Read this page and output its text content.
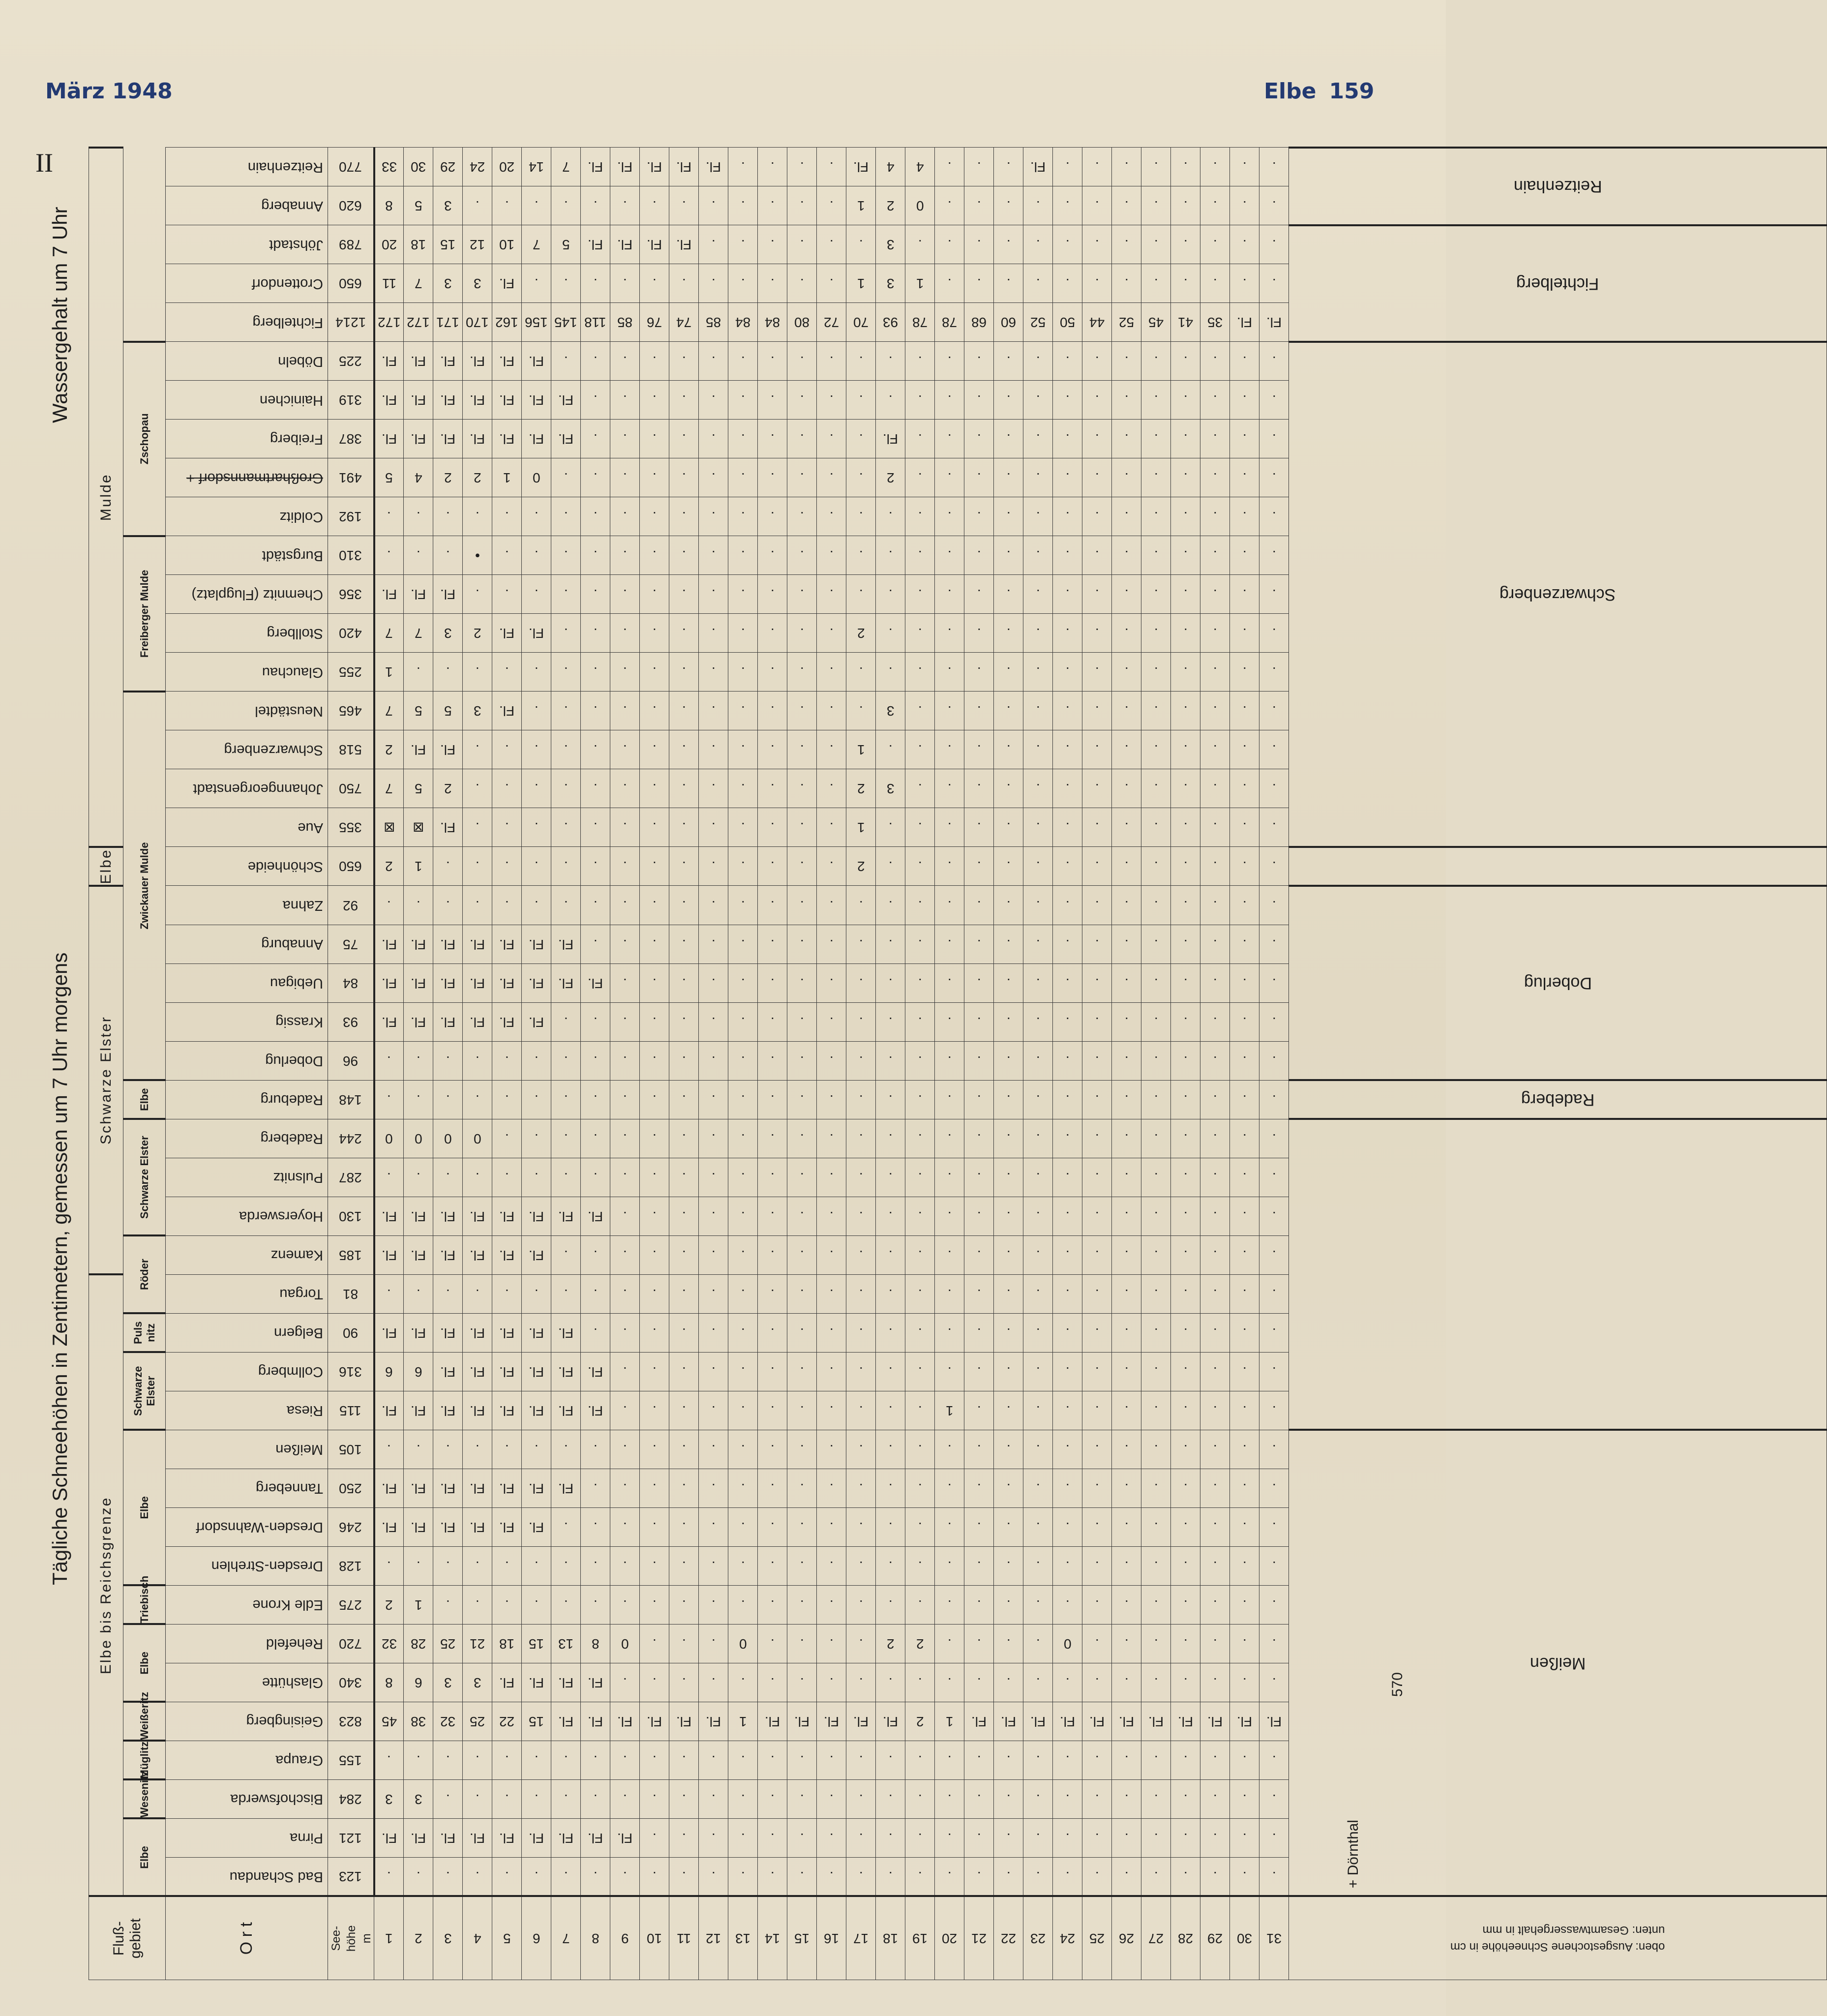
März 1948	Elbe 159
II
Fluß-
gebiet	Elbe bis Reichsgrenze																Schwarze Elster										Elbe	Mulde																	
	Elbe		Wesenitz	Müglitz	Weißeritz	Elbe		Triebisch	Elbe				Schwarze Elster		Puls nitz	Röder		Schwarze Elster			Elbe	Zwickauer Mulde										Freiberger Mulde				Zschopau									
O r t	Bad Schandau	Pirna	Bischofswerda	Graupa	Geisingberg	Glashütte	Rehefeld	Edle Krone	Dresden-Strehlen	Dresden-Wahnsdorf	Tanneberg	Meißen	Riesa	Collmberg	Belgern	Torgau	Kamenz	Hoyerswerda	Pulsnitz	Radeberg	Radeburg	Doberlug	Krassig	Uebigau	Annaburg	Zahna	Schönheide	Aue	Johanngeorgenstadt	Schwarzenberg	Neustädtel	Glauchau	Stollberg	Chemnitz (Flugplatz)	Burgstädt	Colditz	Großhartmannsdorf +	Freiberg	Hainichen	Döbeln	Fichtelberg	Crottendorf	Jöhstadt	Annaberg	Reitzenhain

See-
höhe
m	123	121	284	155	823	340	720	275	128	246	250	105	115	316	90	81	185	130	287	244	148	96	93	84	75	92	650	355	750	518	465	255	420	356	310	192	491	387	319	225	1214	650	789	620	770

1	.	Fl.	3	.	45	8	32	2	.	Fl.	Fl.	.	Fl.	6	Fl.	.	Fl.	Fl.	.	0	.	.	Fl.	Fl.	Fl.	.	2	⊠	7	2	7	1	7	Fl.	.	.	5	Fl.	Fl.	Fl.	172	11	20	8	33

2	.	Fl.	3	.	38	6	28	1	.	Fl.	Fl.	.	Fl.	6	Fl.	.	Fl.	Fl.	.	0	.	.	Fl.	Fl.	Fl.	.	1	⊠	5	Fl.	5	.	7	Fl.	.	.	4	Fl.	Fl.	Fl.	172	7	18	5	30

3	.	Fl.	.	.	32	3	25	.	.	Fl.	Fl.	.	Fl.	Fl.	Fl.	.	Fl.	Fl.	.	0	.	.	Fl.	Fl.	Fl.	.	.	Fl.	2	Fl.	5	.	3	Fl.	.	.	2	Fl.	Fl.	Fl.	171	3	15	3	29

4	.	Fl.	.	.	25	3	21	.	.	Fl.	Fl.	.	Fl.	Fl.	Fl.	.	Fl.	Fl.	.	0	.	.	Fl.	Fl.	Fl.	.	.	.	.	.	3	.	2	.	•	.	2	Fl.	Fl.	Fl.	170	3	12	.	24

5	.	Fl.	.	.	22	Fl.	18	.	.	Fl.	Fl.	.	Fl.	Fl.	Fl.	.	Fl.	Fl.	.	.	.	.	Fl.	Fl.	Fl.	.	.	.	.	.	Fl.	.	Fl.	.	.	.	1	Fl.	Fl.	Fl.	162	Fl.	10	.	20

6	.	Fl.	.	.	15	Fl.	15	.	.	Fl.	Fl.	.	Fl.	Fl.	Fl.	.	Fl.	Fl.	.	.	.	.	Fl.	Fl.	Fl.	.	.	.	.	.	.	.	Fl.	.	.	.	0	Fl.	Fl.	Fl.	156	.	7	.	14

7	.	Fl.	.	.	Fl.	Fl.	13	.	.	.	Fl.	.	Fl.	Fl.	Fl.	.	.	Fl.	.	.	.	.	.	Fl.	Fl.	.	.	.	.	.	.	.	.	.	.	.	.	Fl.	Fl.	.	145	.	5	.	7

8	.	Fl.	.	.	Fl.	Fl.	8	.	.	.	.	.	Fl.	Fl.	.	.	.	Fl.	.	.	.	.	.	Fl.	.	.	.	.	.	.	.	.	.	.	.	.	.	.	.	.	118	.	Fl.	.	Fl.

9	.	Fl.	.	.	Fl.	.	0	.	.	.	.	.	.	.	.	.	.	.	.	.	.	.	.	.	.	.	.	.	.	.	.	.	.	.	.	.	.	.	.	.	85	.	Fl.	.	Fl.

10	.	.	.	.	Fl.	.	.	.	.	.	.	.	.	.	.	.	.	.	.	.	.	.	.	.	.	.	.	.	.	.	.	.	.	.	.	.	.	.	.	.	76	.	Fl.	.	Fl.

11	.	.	.	.	Fl.	.	.	.	.	.	.	.	.	.	.	.	.	.	.	.	.	.	.	.	.	.	.	.	.	.	.	.	.	.	.	.	.	.	.	.	74	.	Fl.	.	Fl.

12	.	.	.	.	Fl.	.	.	.	.	.	.	.	.	.	.	.	.	.	.	.	.	.	.	.	.	.	.	.	.	.	.	.	.	.	.	.	.	.	.	.	85	.	.	.	Fl.

13	.	.	.	.	1	.	0	.	.	.	.	.	.	.	.	.	.	.	.	.	.	.	.	.	.	.	.	.	.	.	.	.	.	.	.	.	.	.	.	.	84	.	.	.	.

14	.	.	.	.	Fl.	.	.	.	.	.	.	.	.	.	.	.	.	.	.	.	.	.	.	.	.	.	.	.	.	.	.	.	.	.	.	.	.	.	.	.	84	.	.	.	.

15	.	.	.	.	Fl.	.	.	.	.	.	.	.	.	.	.	.	.	.	.	.	.	.	.	.	.	.	.	.	.	.	.	.	.	.	.	.	.	.	.	.	80	.	.	.	.

16	.	.	.	.	Fl.	.	.	.	.	.	.	.	.	.	.	.	.	.	.	.	.	.	.	.	.	.	.	.	.	.	.	.	.	.	.	.	.	.	.	.	72	.	.	.	.

17	.	.	.	.	Fl.	.	.	.	.	.	.	.	.	.	.	.	.	.	.	.	.	.	.	.	.	.	2	1	2	1	.	.	2	.	.	.	.	.	.	.	70	1	.	1	Fl.

18	.	.	.	.	Fl.	.	2	.	.	.	.	.	.	.	.	.	.	.	.	.	.	.	.	.	.	.	.	.	3	.	3	.	.	.	.	.	2	Fl.	.	.	93	3	3	2	4

19	.	.	.	.	2	.	2	.	.	.	.	.	.	.	.	.	.	.	.	.	.	.	.	.	.	.	.	.	.	.	.	.	.	.	.	.	.	.	.	.	78	1	.	0	4

20	.	.	.	.	1	.	.	.	.	.	.	.	1	.	.	.	.	.	.	.	.	.	.	.	.	.	.	.	.	.	.	.	.	.	.	.	.	.	.	.	78	.	.	.	.

21	.	.	.	.	Fl.	.	.	.	.	.	.	.	.	.	.	.	.	.	.	.	.	.	.	.	.	.	.	.	.	.	.	.	.	.	.	.	.	.	.	.	68	.	.	.	.

22	.	.	.	.	Fl.	.	.	.	.	.	.	.	.	.	.	.	.	.	.	.	.	.	.	.	.	.	.	.	.	.	.	.	.	.	.	.	.	.	.	.	60	.	.	.	.

23	.	.	.	.	Fl.	.	.	.	.	.	.	.	.	.	.	.	.	.	.	.	.	.	.	.	.	.	.	.	.	.	.	.	.	.	.	.	.	.	.	.	52	.	.	.	Fl.

24	.	.	.	.	Fl.	.	0	.	.	.	.	.	.	.	.	.	.	.	.	.	.	.	.	.	.	.	.	.	.	.	.	.	.	.	.	.	.	.	.	.	50	.	.	.	.

25	.	.	.	.	Fl.	.	.	.	.	.	.	.	.	.	.	.	.	.	.	.	.	.	.	.	.	.	.	.	.	.	.	.	.	.	.	.	.	.	.	.	44	.	.	.	.

26	.	.	.	.	Fl.	.	.	.	.	.	.	.	.	.	.	.	.	.	.	.	.	.	.	.	.	.	.	.	.	.	.	.	.	.	.	.	.	.	.	.	52	.	.	.	.

27	.	.	.	.	Fl.	.	.	.	.	.	.	.	.	.	.	.	.	.	.	.	.	.	.	.	.	.	.	.	.	.	.	.	.	.	.	.	.	.	.	.	45	.	.	.	.

28	.	.	.	.	Fl.	.	.	.	.	.	.	.	.	.	.	.	.	.	.	.	.	.	.	.	.	.	.	.	.	.	.	.	.	.	.	.	.	.	.	.	41	.	.	.	.

29	.	.	.	.	Fl.	.	.	.	.	.	.	.	.	.	.	.	.	.	.	.	.	.	.	.	.	.	.	.	.	.	.	.	.	.	.	.	.	.	.	.	35	.	.	.	.

30	.	.	.	.	Fl.	.	.	.	.	.	.	.	.	.	.	.	.	.	.	.	.	.	.	.	.	.	.	.	.	.	.	.	.	.	.	.	.	.	.	.	Fl.	.	.	.	.

31	.	.	.	.	Fl.	.	.	.	.	.	.	.	.	.	.	.	.	.	.	.	.	.	.	.	.	.	.	.	.	.	.	.	.	.	.	.	.	.	.	.	Fl.	.	.	.	.

oben: Ausgestochene Schneehöhe in cm
unten: Gesamtwassergehalt in mm	Meißen																				Radeberg	Doberlug						Schwarzenberg													Fichtelberg			Reitzenhain	
+ Dörnthal
570
Tägliche Schneehöhen in Zentimetern, gemessen um 7 Uhr morgens
Wassergehalt um 7 Uhr
